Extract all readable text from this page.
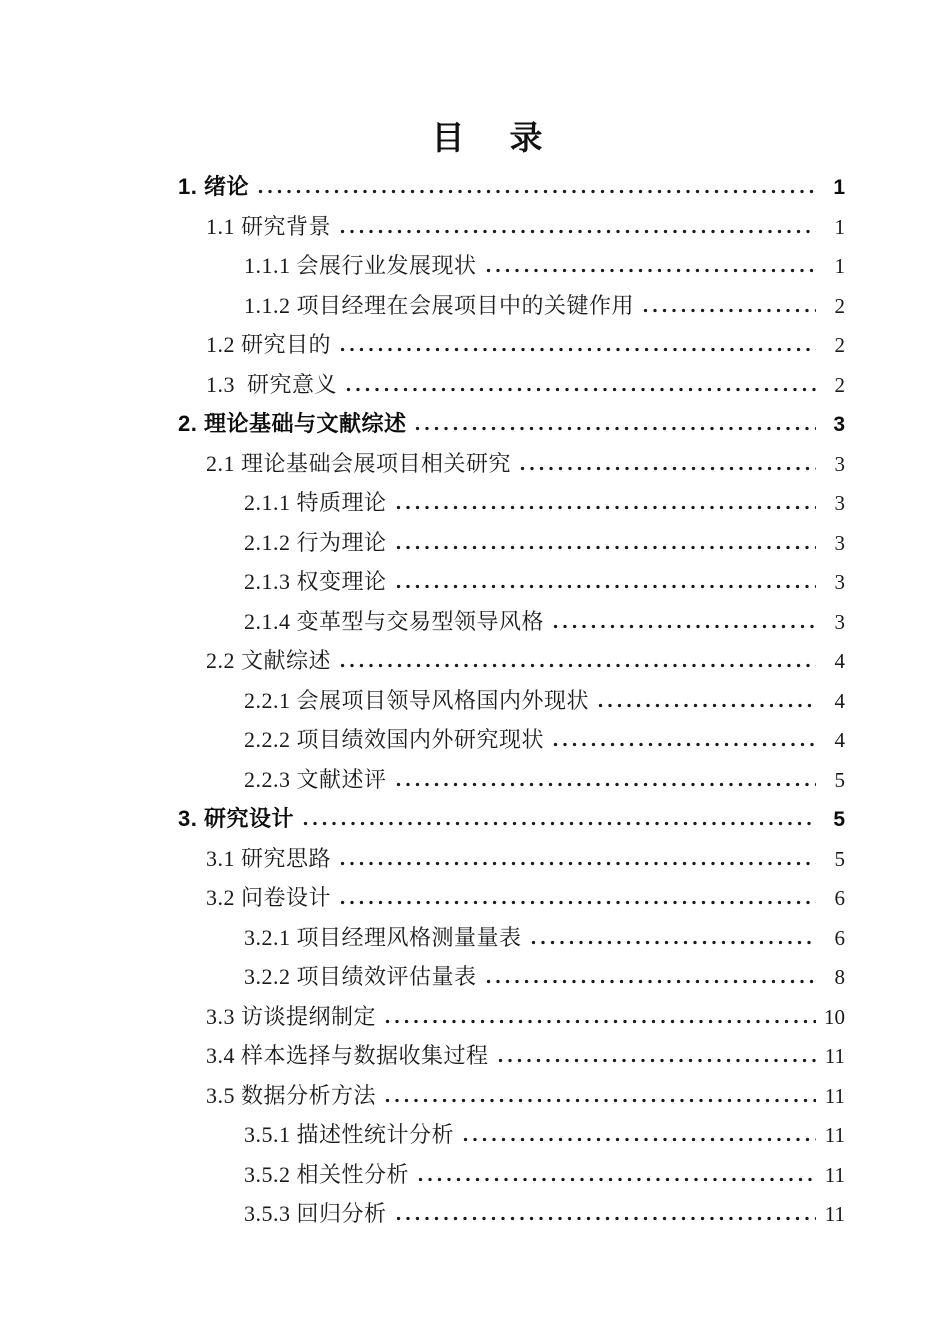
目　录
1. 绪论	1
1.1 研究背景	1
1.1.1 会展行业发展现状	1
1.1.2 项目经理在会展项目中的关键作用	2
1.2 研究目的	2
1.3  研究意义	2
2. 理论基础与文献综述	3
2.1 理论基础会展项目相关研究	3
2.1.1 特质理论	3
2.1.2 行为理论	3
2.1.3 权变理论	3
2.1.4 变革型与交易型领导风格	3
2.2 文献综述	4
2.2.1 会展项目领导风格国内外现状	4
2.2.2 项目绩效国内外研究现状	4
2.2.3 文献述评	5
3. 研究设计	5
3.1 研究思路	5
3.2 问卷设计	6
3.2.1 项目经理风格测量量表	6
3.2.2 项目绩效评估量表	8
3.3 访谈提纲制定	10
3.4 样本选择与数据收集过程	11
3.5 数据分析方法	11
3.5.1 描述性统计分析	11
3.5.2 相关性分析	11
3.5.3 回归分析	11
